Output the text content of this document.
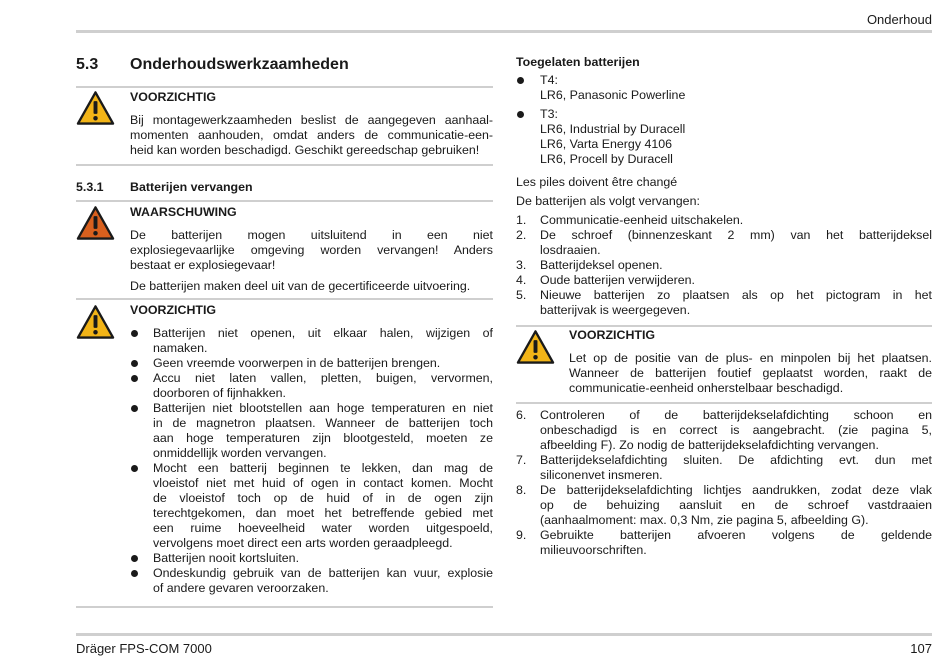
Onderhoud
5.3 Onderhoudswerkzaamheden
VOORZICHTIG
Bij montagewerkzaamheden beslist de aangegeven aanhaal-
momenten aanhouden, omdat anders de communicatie-een-
heid kan worden beschadigd. Geschikt gereedschap gebruiken!
5.3.1 Batterijen vervangen
WAARSCHUWING
De batterijen mogen uitsluitend in een niet
explosiegevaarlijke omgeving worden vervangen! Anders
bestaat er explosiegevaar!
De batterijen maken deel uit van de gecertificeerde uitvoering.
VOORZICHTIG
Batterijen niet openen, uit elkaar halen, wijzigen of
namaken.
Geen vreemde voorwerpen in de batterijen brengen.
Accu niet laten vallen, pletten, buigen, vervormen,
doorboren of fijnhakken.
Batterijen niet blootstellen aan hoge temperaturen en niet
in de magnetron plaatsen. Wanneer de batterijen toch
aan hoge temperaturen zijn blootgesteld, moeten ze
onmiddellijk worden vervangen.
Mocht een batterij beginnen te lekken, dan mag de
vloeistof niet met huid of ogen in contact komen. Mocht
de vloeistof toch op de huid of in de ogen zijn
terechtgekomen, dan moet het betreffende gebied met
een ruime hoeveelheid water worden uitgespoeld,
vervolgens moet direct een arts worden geraadpleegd.
Batterijen nooit kortsluiten.
Ondeskundig gebruik van de batterijen kan vuur, explosie
of andere gevaren veroorzaken.
Toegelaten batterijen
T4:
LR6, Panasonic Powerline
T3:
LR6, Industrial by Duracell
LR6, Varta Energy 4106
LR6, Procell by Duracell
Les piles doivent être changé
De batterijen als volgt vervangen:
1. Communicatie-eenheid uitschakelen.
2. De schroef (binnenzeskant 2 mm) van het batterijdeksel
losdraaien.
3. Batterijdeksel openen.
4. Oude batterijen verwijderen.
5. Nieuwe batterijen zo plaatsen als op het pictogram in het
batterijvak is weergegeven.
VOORZICHTIG
Let op de positie van de plus- en minpolen bij het plaatsen.
Wanneer de batterijen foutief geplaatst worden, raakt de
communicatie-eenheid onherstelbaar beschadigd.
6. Controleren of de batterijdekselafdichting schoon en
onbeschadigd is en correct is aangebracht. (zie pagina 5,
afbeelding F). Zo nodig de batterijdekselafdichting vervangen.
7. Batterijdekselafdichting sluiten. De afdichting evt. dun met
siliconenvet insmeren.
8. De batterijdekselafdichting lichtjes aandrukken, zodat deze vlak
op de behuizing aansluit en de schroef vastdraaien
(aanhaalmoment: max. 0,3 Nm, zie pagina 5, afbeelding G).
9. Gebruikte batterijen afvoeren volgens de geldende
milieuvoorschriften.
Dräger FPS-COM 7000	107
